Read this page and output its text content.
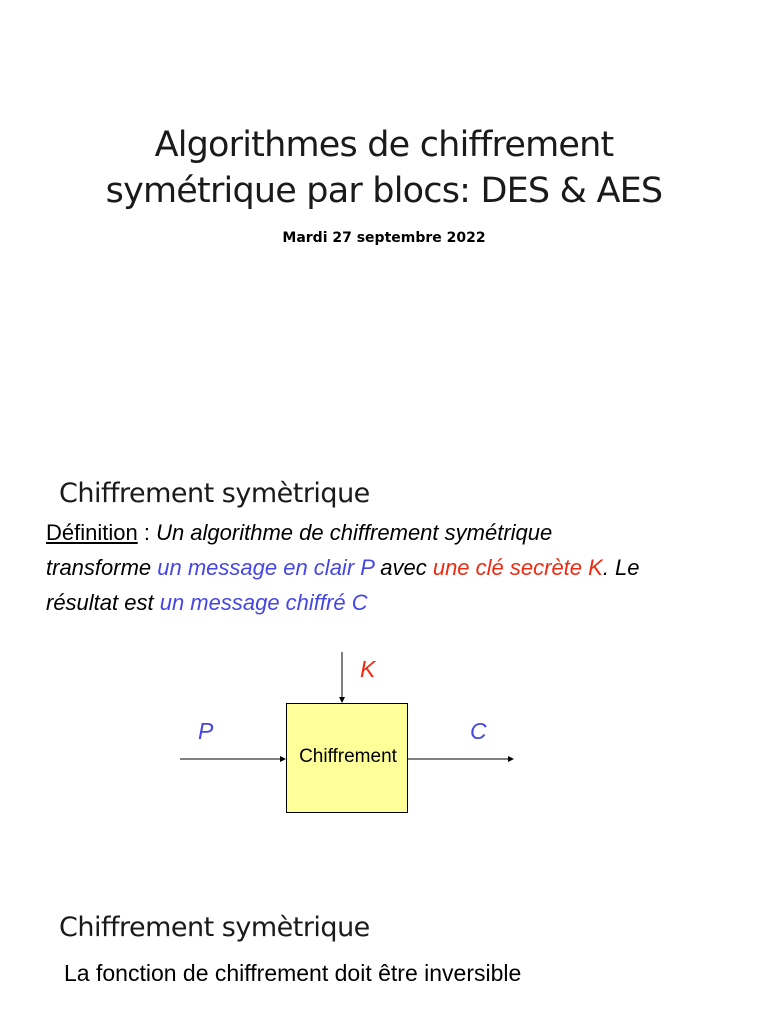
Algorithmes de chiffrement
symétrique par blocs: DES & AES
Mardi 27 septembre 2022
Chiffrement symètrique
Définition : Un algorithme de chiffrement symétrique
transforme un message en clair P avec une clé secrète K. Le résultat est un message chiffré C
Chiffrement
P	C
K
Chiffrement symètrique
La fonction de chiffrement doit être inversible
